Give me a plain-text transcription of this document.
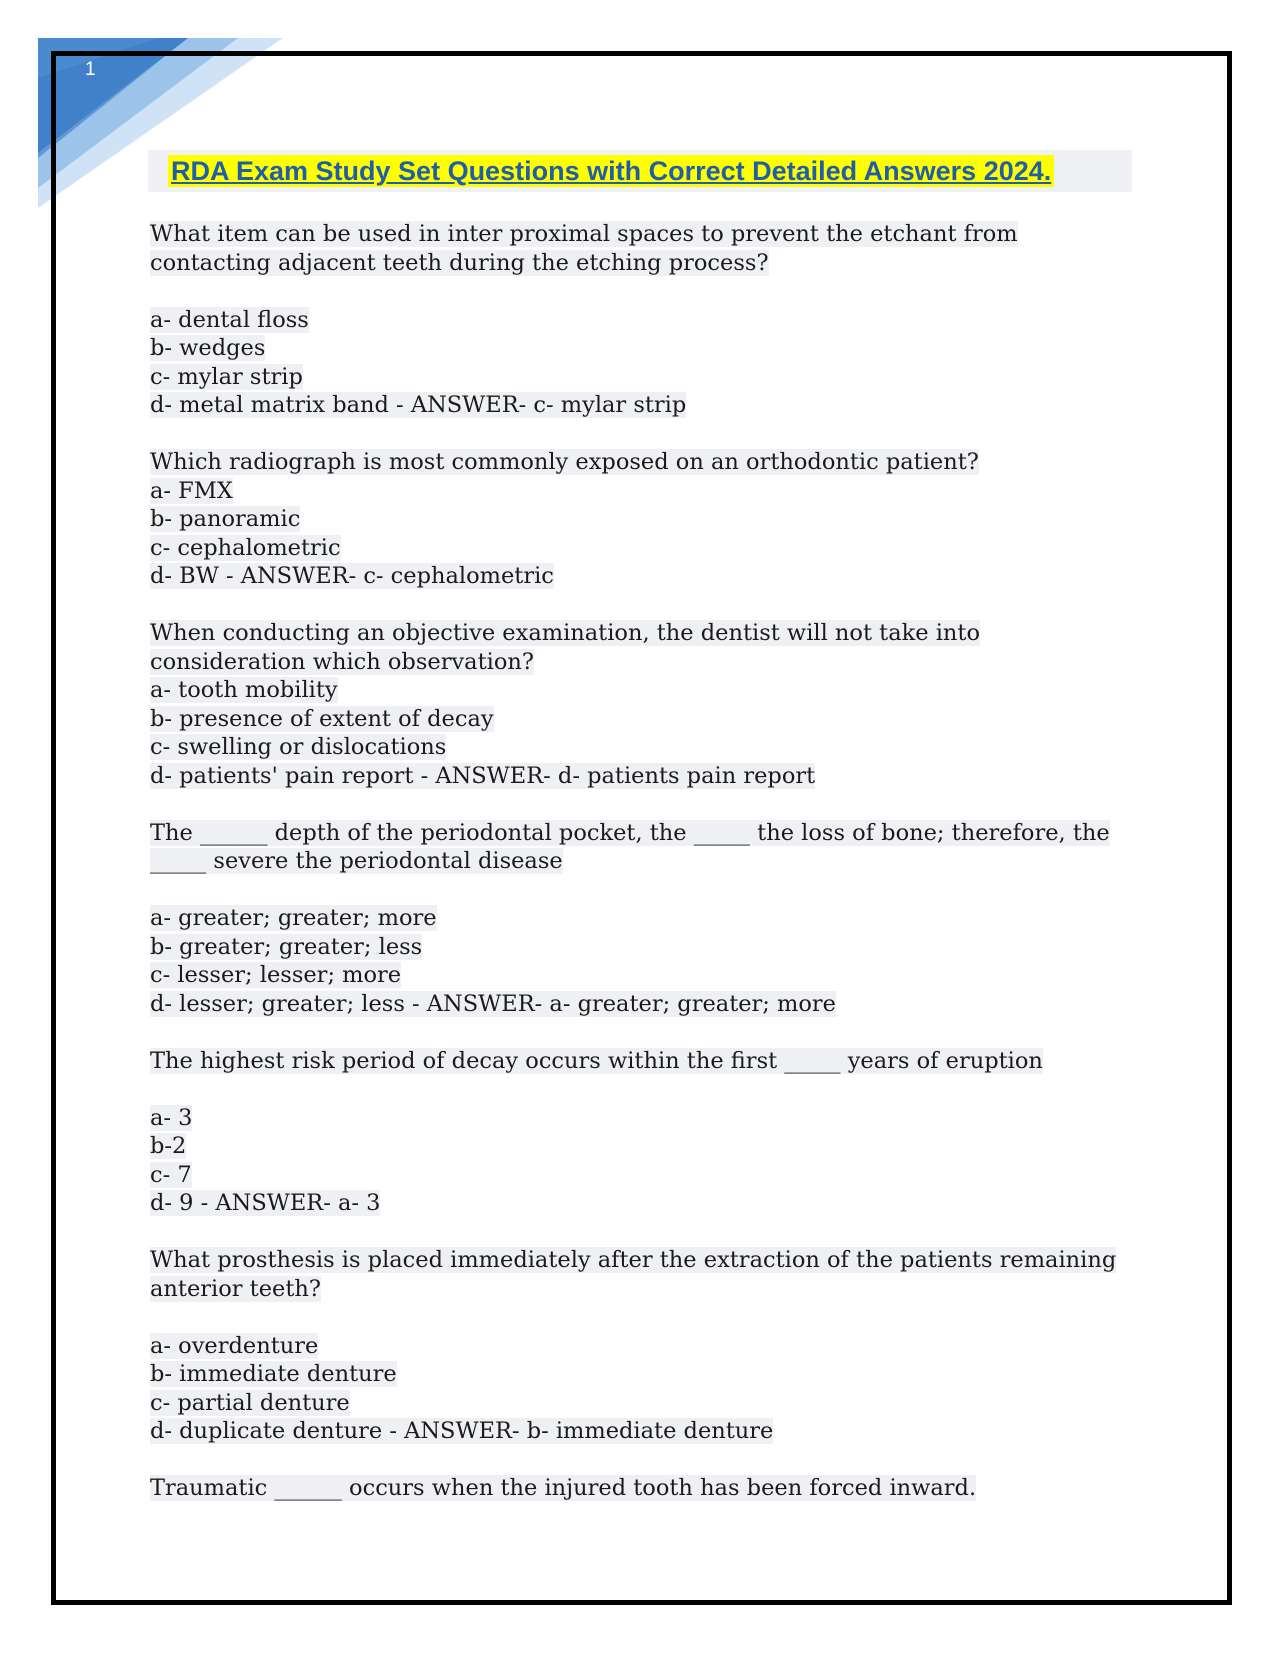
1
RDA Exam Study Set Questions with Correct Detailed Answers 2024.
What item can be used in inter proximal spaces to prevent the etchant from contacting adjacent teeth during the etching process?
a- dental floss
b- wedges
c- mylar strip
d- metal matrix band - ANSWER- c- mylar strip
Which radiograph is most commonly exposed on an orthodontic patient?
a- FMX
b- panoramic
c- cephalometric
d- BW - ANSWER- c- cephalometric
When conducting an objective examination, the dentist will not take into consideration which observation?
a- tooth mobility
b- presence of extent of decay
c- swelling or dislocations
d- patients' pain report - ANSWER- d- patients pain report
The ______ depth of the periodontal pocket, the _____ the loss of bone; therefore, the _____ severe the periodontal disease
a- greater; greater; more
b- greater; greater; less
c- lesser; lesser; more
d- lesser; greater; less - ANSWER- a- greater; greater; more
The highest risk period of decay occurs within the first _____ years of eruption
a- 3
b-2
c- 7
d- 9 - ANSWER- a- 3
What prosthesis is placed immediately after the extraction of the patients remaining anterior teeth?
a- overdenture
b- immediate denture
c- partial denture
d- duplicate denture - ANSWER- b- immediate denture
Traumatic ______ occurs when the injured tooth has been forced inward.
